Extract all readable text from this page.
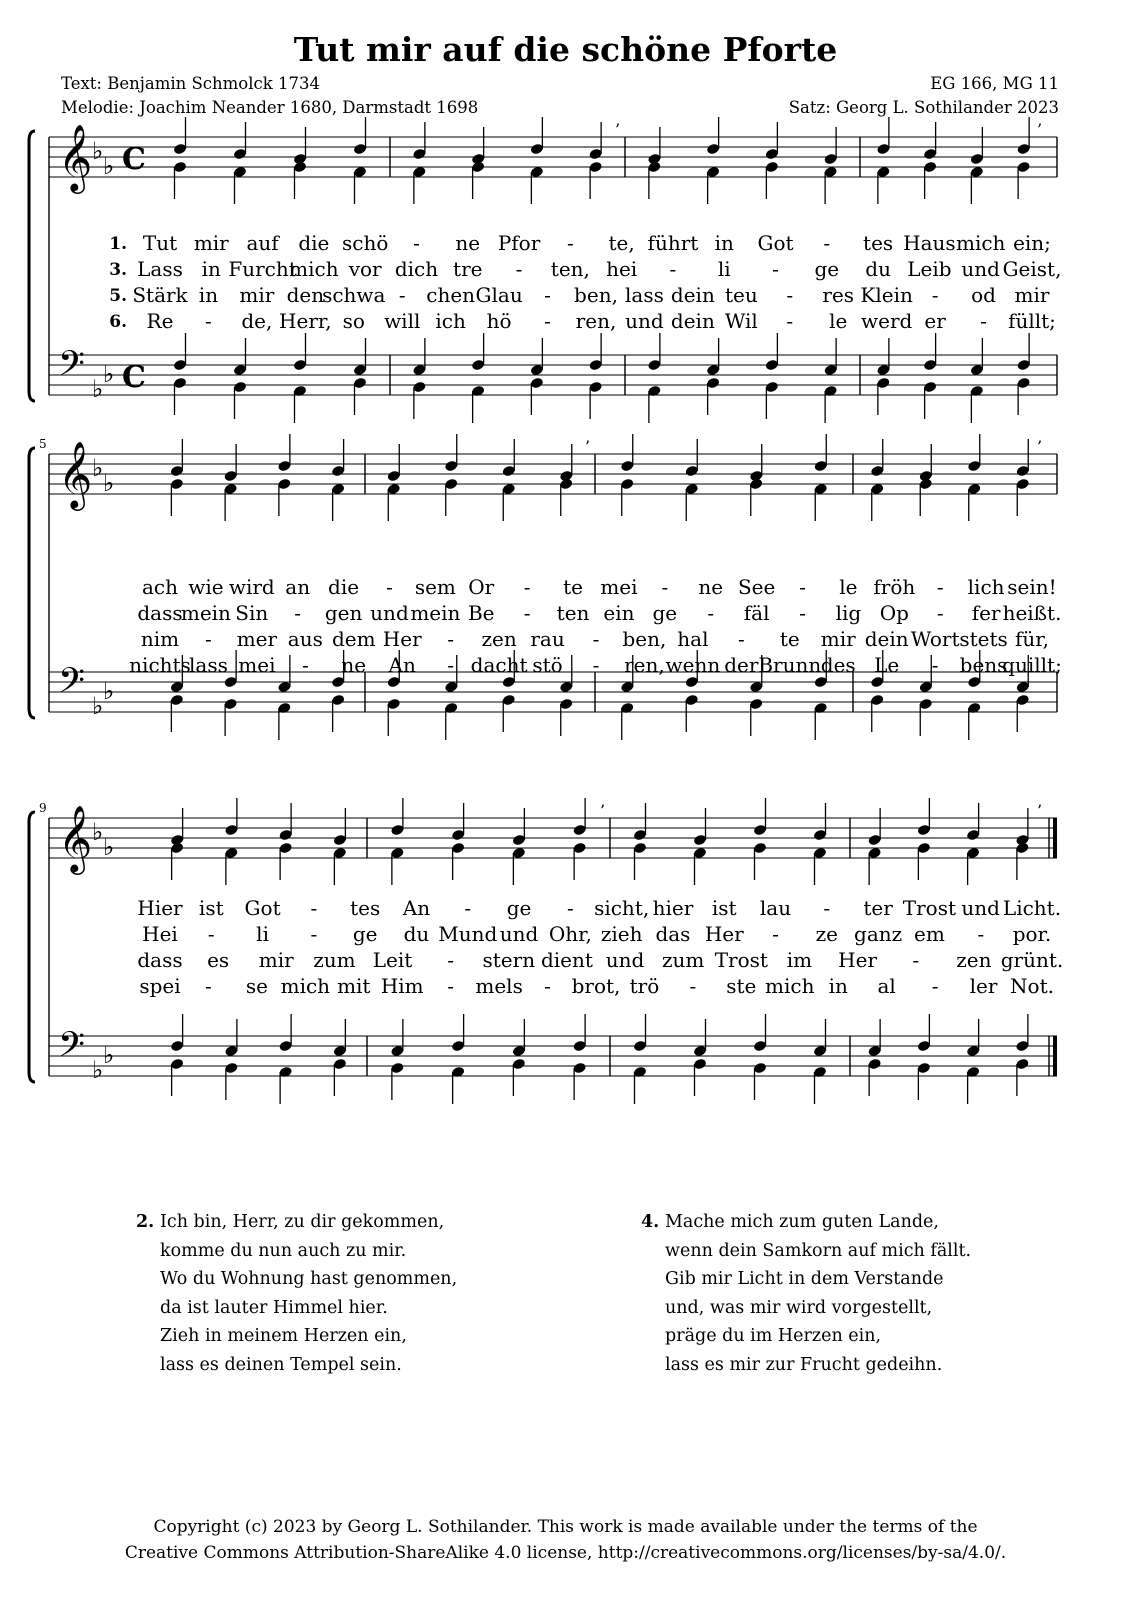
Tut mir auf die schöne Pforte
Text: Benjamin Schmolck 1734
Melodie: Joachim Neander 1680, Darmstadt 1698
EG 166, MG 11
Satz: Georg L. Sothilander 2023
𝄞 ♭
♭ C
𝄢 ♭
♭ C
’	’
𝄞 ♭
♭
𝄢 ♭
♭
5	’	’
𝄞 ♭
♭
𝄢 ♭
♭
9	’	’
1. Tut mir auf die schö - ne Pfor - te, führt in Got - tes Haus mich ein;
3. Lass in Furcht
mich vor dich tre - ten, hei - li - ge du Leib und Geist,
5. Stärk in mir den
schwa - chen Glau - ben, lass dein teu - res Klein - od mir
6. Re - de, Herr, so will ich hö - ren, und dein Wil - le werd er - füllt;
ach wie wird an die - sem Or - te mei - ne See - le fröh - lich sein!
dass
mein Sin - gen und mein Be - ten ein ge - fäl - lig Op - fer heißt.
nim - mer aus dem Her - zen rau - ben, hal - te mir dein Wort stets für,
nichts
lass mei - ne An - dacht stö - ren, wenn der Brunn des Le - bens
quillt;
Hier ist Got - tes An - ge - sicht, hier ist lau - ter Trost und Licht.
Hei - li - ge du Mund und Ohr, zieh das Her - ze ganz em - por.
dass es mir zum Leit - stern dient und zum Trost im Her - zen grünt.
spei - se mich mit Him - mels - brot, trö - ste mich in al - ler Not.
2. Ich bin, Herr, zu dir gekommen,
komme du nun auch zu mir.
Wo du Wohnung hast genommen,
da ist lauter Himmel hier.
Zieh in meinem Herzen ein,
lass es deinen Tempel sein.
4. Mache mich zum guten Lande,
wenn dein Samkorn auf mich fällt.
Gib mir Licht in dem Verstande
und, was mir wird vorgestellt,
präge du im Herzen ein,
lass es mir zur Frucht gedeihn.
Copyright (c) 2023 by Georg L. Sothilander. This work is made available under the terms of the
Creative Commons Attribution-ShareAlike 4.0 license, http://creativecommons.org/licenses/by-sa/4.0/.
